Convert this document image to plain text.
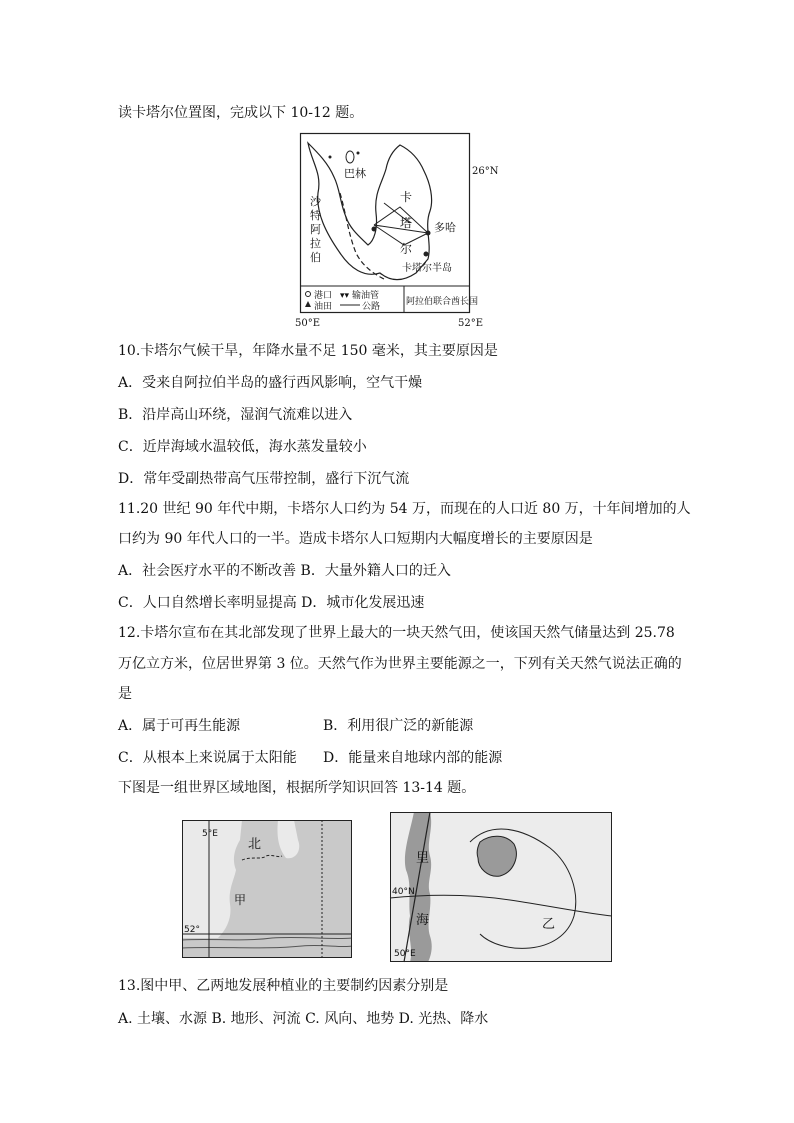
读卡塔尔位置图，完成以下 10-12 题。
港口 ▾▾ 输油管
油田	公路	阿拉伯联合酋长国
巴林
沙
特
阿
拉
伯
卡
塔
尔
多哈
卡塔尔半岛
26°N
50°E	52°E
10.卡塔尔气候干旱，年降水量不足 150 毫米，其主要原因是
A．受来自阿拉伯半岛的盛行西风影响，空气干燥
B．沿岸高山环绕，湿润气流难以进入
C．近岸海域水温较低，海水蒸发量较小
D．常年受副热带高气压带控制，盛行下沉气流
11.20 世纪 90 年代中期，卡塔尔人口约为 54 万，而现在的人口近 80 万，十年间增加的人
口约为 90 年代人口的一半。造成卡塔尔人口短期内大幅度增长的主要原因是
A．社会医疗水平的不断改善 B．大量外籍人口的迁入
C．人口自然增长率明显提高 D．城市化发展迅速
12.卡塔尔宣布在其北部发现了世界上最大的一块天然气田，使该国天然气储量达到 25.78
万亿立方米，位居世界第 3 位。天然气作为世界主要能源之一，下列有关天然气说法正确的
是
A．属于可再生能源	B．利用很广泛的新能源
C．从根本上来说属于太阳能 D．能量来自地球内部的能源
下图是一组世界区域地图，根据所学知识回答 13-14 题。
5°E
北
甲
52°
里
40°N
海
50°E
乙
13.图中甲、乙两地发展种植业的主要制约因素分别是
A. 土壤、水源 B. 地形、河流 C. 风向、地势 D. 光热、降水
